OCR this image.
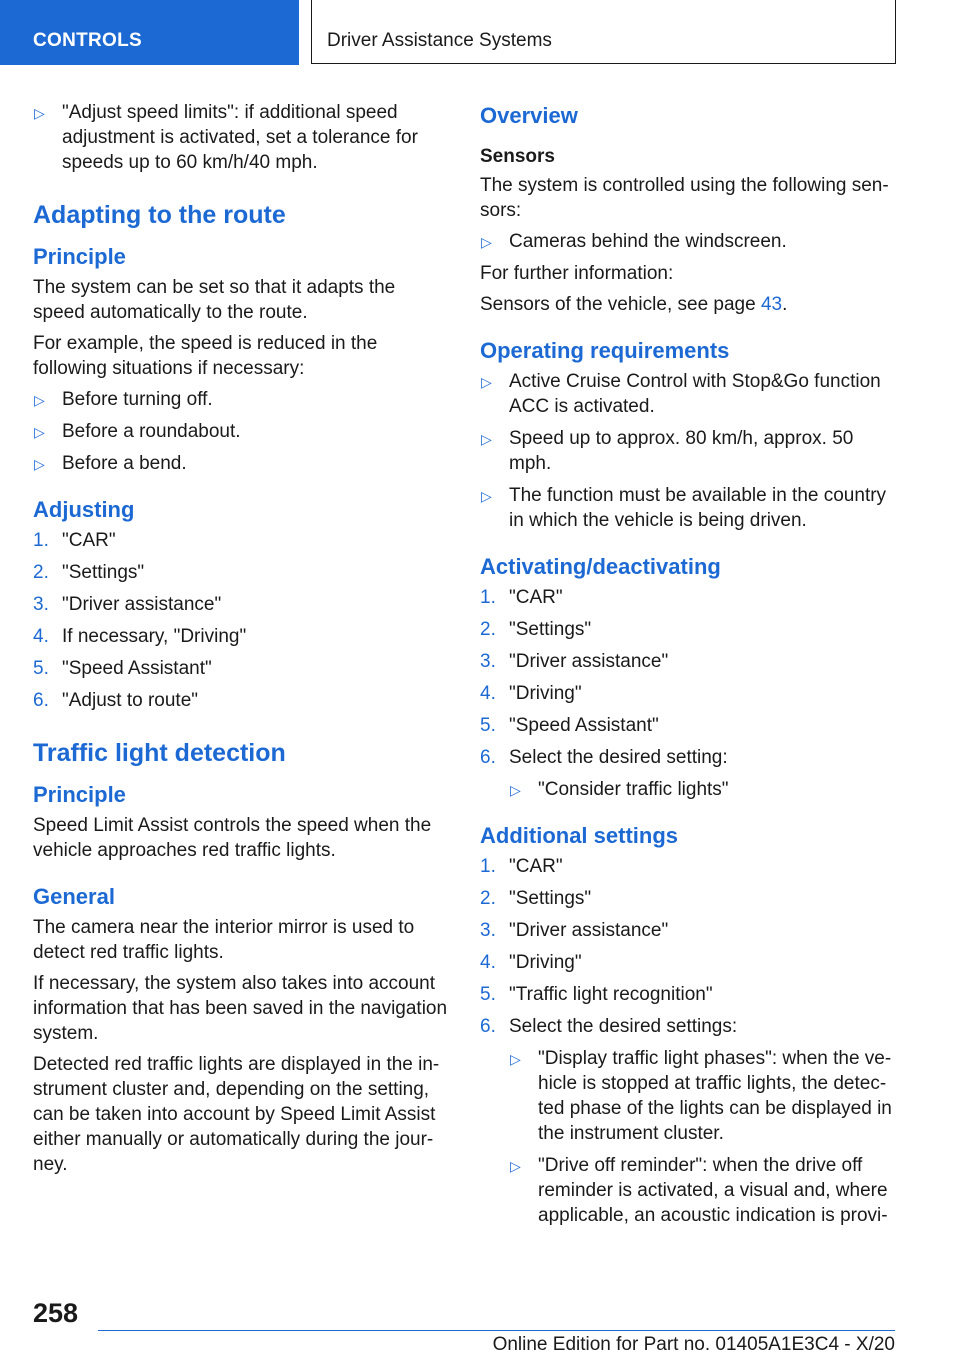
CONTROLS	Driver Assistance Systems
▷ "Adjust speed limits": if additional speed adjustment is activated, set a tolerance for speeds up to 60 km/h/40 mph.
Adapting to the route
Principle

The system can be set so that it adapts the speed automatically to the route.

For example, the speed is reduced in the following situations if necessary:

▷ Before turning off.
▷ Before a roundabout.
▷ Before a bend.
Adjusting
1. "CAR"
2. "Settings"
3. "Driver assistance"
4. If necessary, "Driving"
5. "Speed Assistant"
6. "Adjust to route"
Traffic light detection
Principle

Speed Limit Assist controls the speed when the vehicle approaches red traffic lights.

General

The camera near the interior mirror is used to detect red traffic lights.

If necessary, the system also takes into account information that has been saved in the navigation system.

Detected red traffic lights are displayed in the in-strument cluster and, depending on the setting, can be taken into account by Speed Limit Assist either manually or automatically during the jour-ney.

Overview
Sensors

The system is controlled using the following sen-sors:

▷ Cameras behind the windscreen.

For further information:

Sensors of the vehicle, see page 43.

Operating requirements
▷ Active Cruise Control with Stop&Go function ACC is activated.
▷ Speed up to approx. 80 km/h, approx. 50 mph.
▷ The function must be available in the country in which the vehicle is being driven.
Activating/deactivating
1. "CAR"
2. "Settings"
3. "Driver assistance"
4. "Driving"
5. "Speed Assistant"
6. Select the desired setting:
▷ "Consider traffic lights"
Additional settings
1. "CAR"
2. "Settings"
3. "Driver assistance"
4. "Driving"
5. "Traffic light recognition"
6. Select the desired settings:
▷ "Display traffic light phases": when the ve-hicle is stopped at traffic lights, the detec-ted phase of the lights can be displayed in the instrument cluster.
▷ "Drive off reminder": when the drive off reminder is activated, a visual and, where applicable, an acoustic indication is provi-
258
Online Edition for Part no. 01405A1E3C4 - X/20
